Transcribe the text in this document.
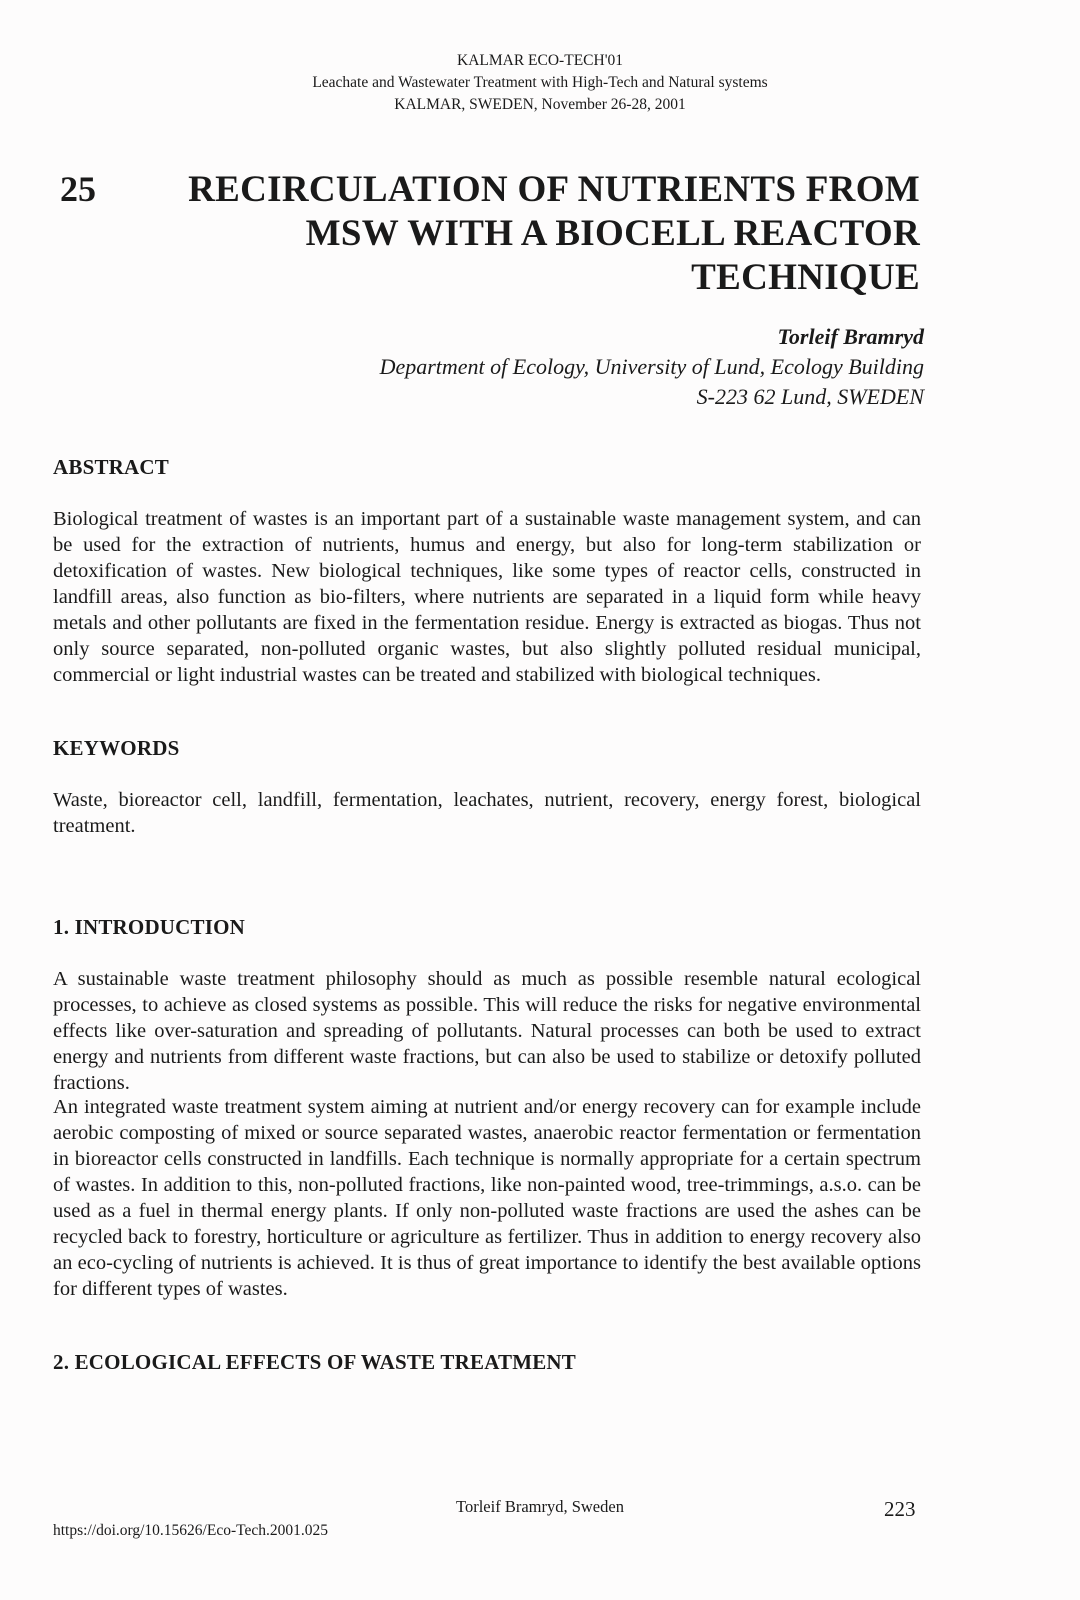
KALMAR ECO-TECH'01
Leachate and Wastewater Treatment with High-Tech and Natural systems
KALMAR, SWEDEN, November 26-28, 2001
25	RECIRCULATION OF NUTRIENTS FROM
MSW WITH A BIOCELL REACTOR
TECHNIQUE
Torleif Bramryd
Department of Ecology, University of Lund, Ecology Building
S-223 62 Lund, SWEDEN
ABSTRACT
Biological treatment of wastes is an important part of a sustainable waste management system, and can be used for the extraction of nutrients, humus and energy, but also for long-term stabilization or detoxification of wastes. New biological techniques, like some types of reactor cells, constructed in landfill areas, also function as bio-filters, where nutrients are separated in a liquid form while heavy metals and other pollutants are fixed in the fermentation residue. Energy is extracted as biogas. Thus not only source separated, non-polluted organic wastes, but also slightly polluted residual municipal, commercial or light industrial wastes can be treated and stabilized with biological techniques.
KEYWORDS
Waste, bioreactor cell, landfill, fermentation, leachates, nutrient, recovery, energy forest, biological treatment.
1. INTRODUCTION
A sustainable waste treatment philosophy should as much as possible resemble natural ecological processes, to achieve as closed systems as possible. This will reduce the risks for negative environmental effects like over-saturation and spreading of pollutants. Natural processes can both be used to extract energy and nutrients from different waste fractions, but can also be used to stabilize or detoxify polluted fractions.
An integrated waste treatment system aiming at nutrient and/or energy recovery can for example include aerobic composting of mixed or source separated wastes, anaerobic reactor fermentation or fermentation in bioreactor cells constructed in landfills. Each technique is normally appropriate for a certain spectrum of wastes. In addition to this, non-polluted fractions, like non-painted wood, tree-trimmings, a.s.o. can be used as a fuel in thermal energy plants. If only non-polluted waste fractions are used the ashes can be recycled back to forestry, horticulture or agriculture as fertilizer. Thus in addition to energy recovery also an eco-cycling of nutrients is achieved. It is thus of great importance to identify the best available options for different types of wastes.
2. ECOLOGICAL EFFECTS OF WASTE TREATMENT
Torleif Bramryd, Sweden	223
https://doi.org/10.15626/Eco-Tech.2001.025
